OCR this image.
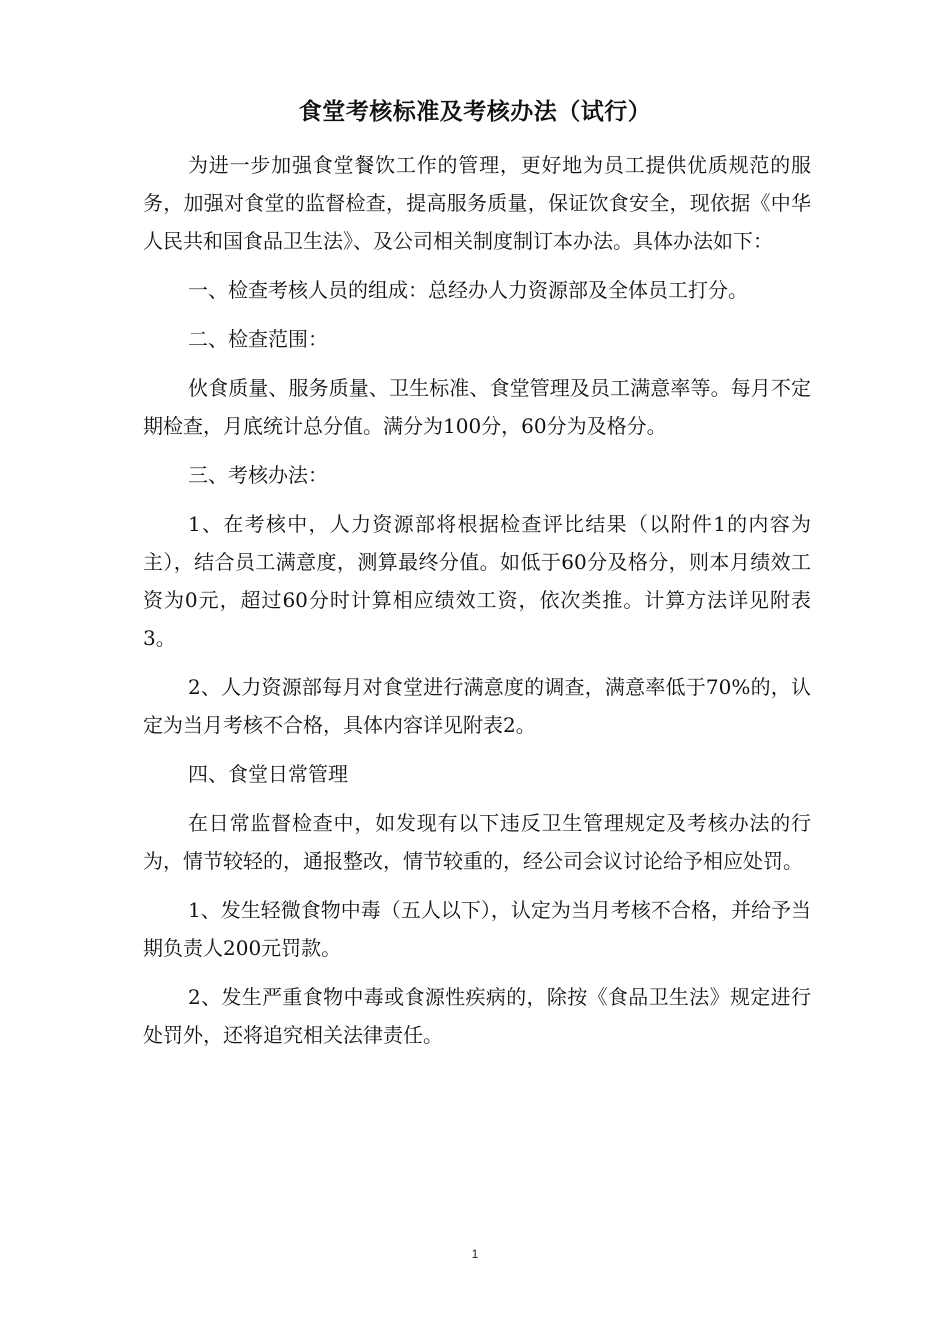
食堂考核标准及考核办法（试行）

为进一步加强食堂餐饮工作的管理，更好地为员工提供优质规范的服务，加强对食堂的监督检查，提高服务质量，保证饮食安全，现依据《中华人民共和国食品卫生法》、及公司相关制度制订本办法。具体办法如下：

一、检查考核人员的组成：总经办人力资源部及全体员工打分。

二、检查范围：

伙食质量、服务质量、卫生标准、食堂管理及员工满意率等。每月不定期检查，月底统计总分值。满分为100分，60分为及格分。

三、考核办法：

1、在考核中，人力资源部将根据检查评比结果（以附件1的内容为主），结合员工满意度，测算最终分值。如低于60分及格分，则本月绩效工资为0元，超过60分时计算相应绩效工资，依次类推。计算方法详见附表3。

2、人力资源部每月对食堂进行满意度的调查，满意率低于70%的，认定为当月考核不合格，具体内容详见附表2。

四、食堂日常管理

在日常监督检查中，如发现有以下违反卫生管理规定及考核办法的行为，情节较轻的，通报整改，情节较重的，经公司会议讨论给予相应处罚。

1、发生轻微食物中毒（五人以下），认定为当月考核不合格，并给予当期负责人200元罚款。

2、发生严重食物中毒或食源性疾病的，除按《食品卫生法》规定进行处罚外，还将追究相关法律责任。

1
